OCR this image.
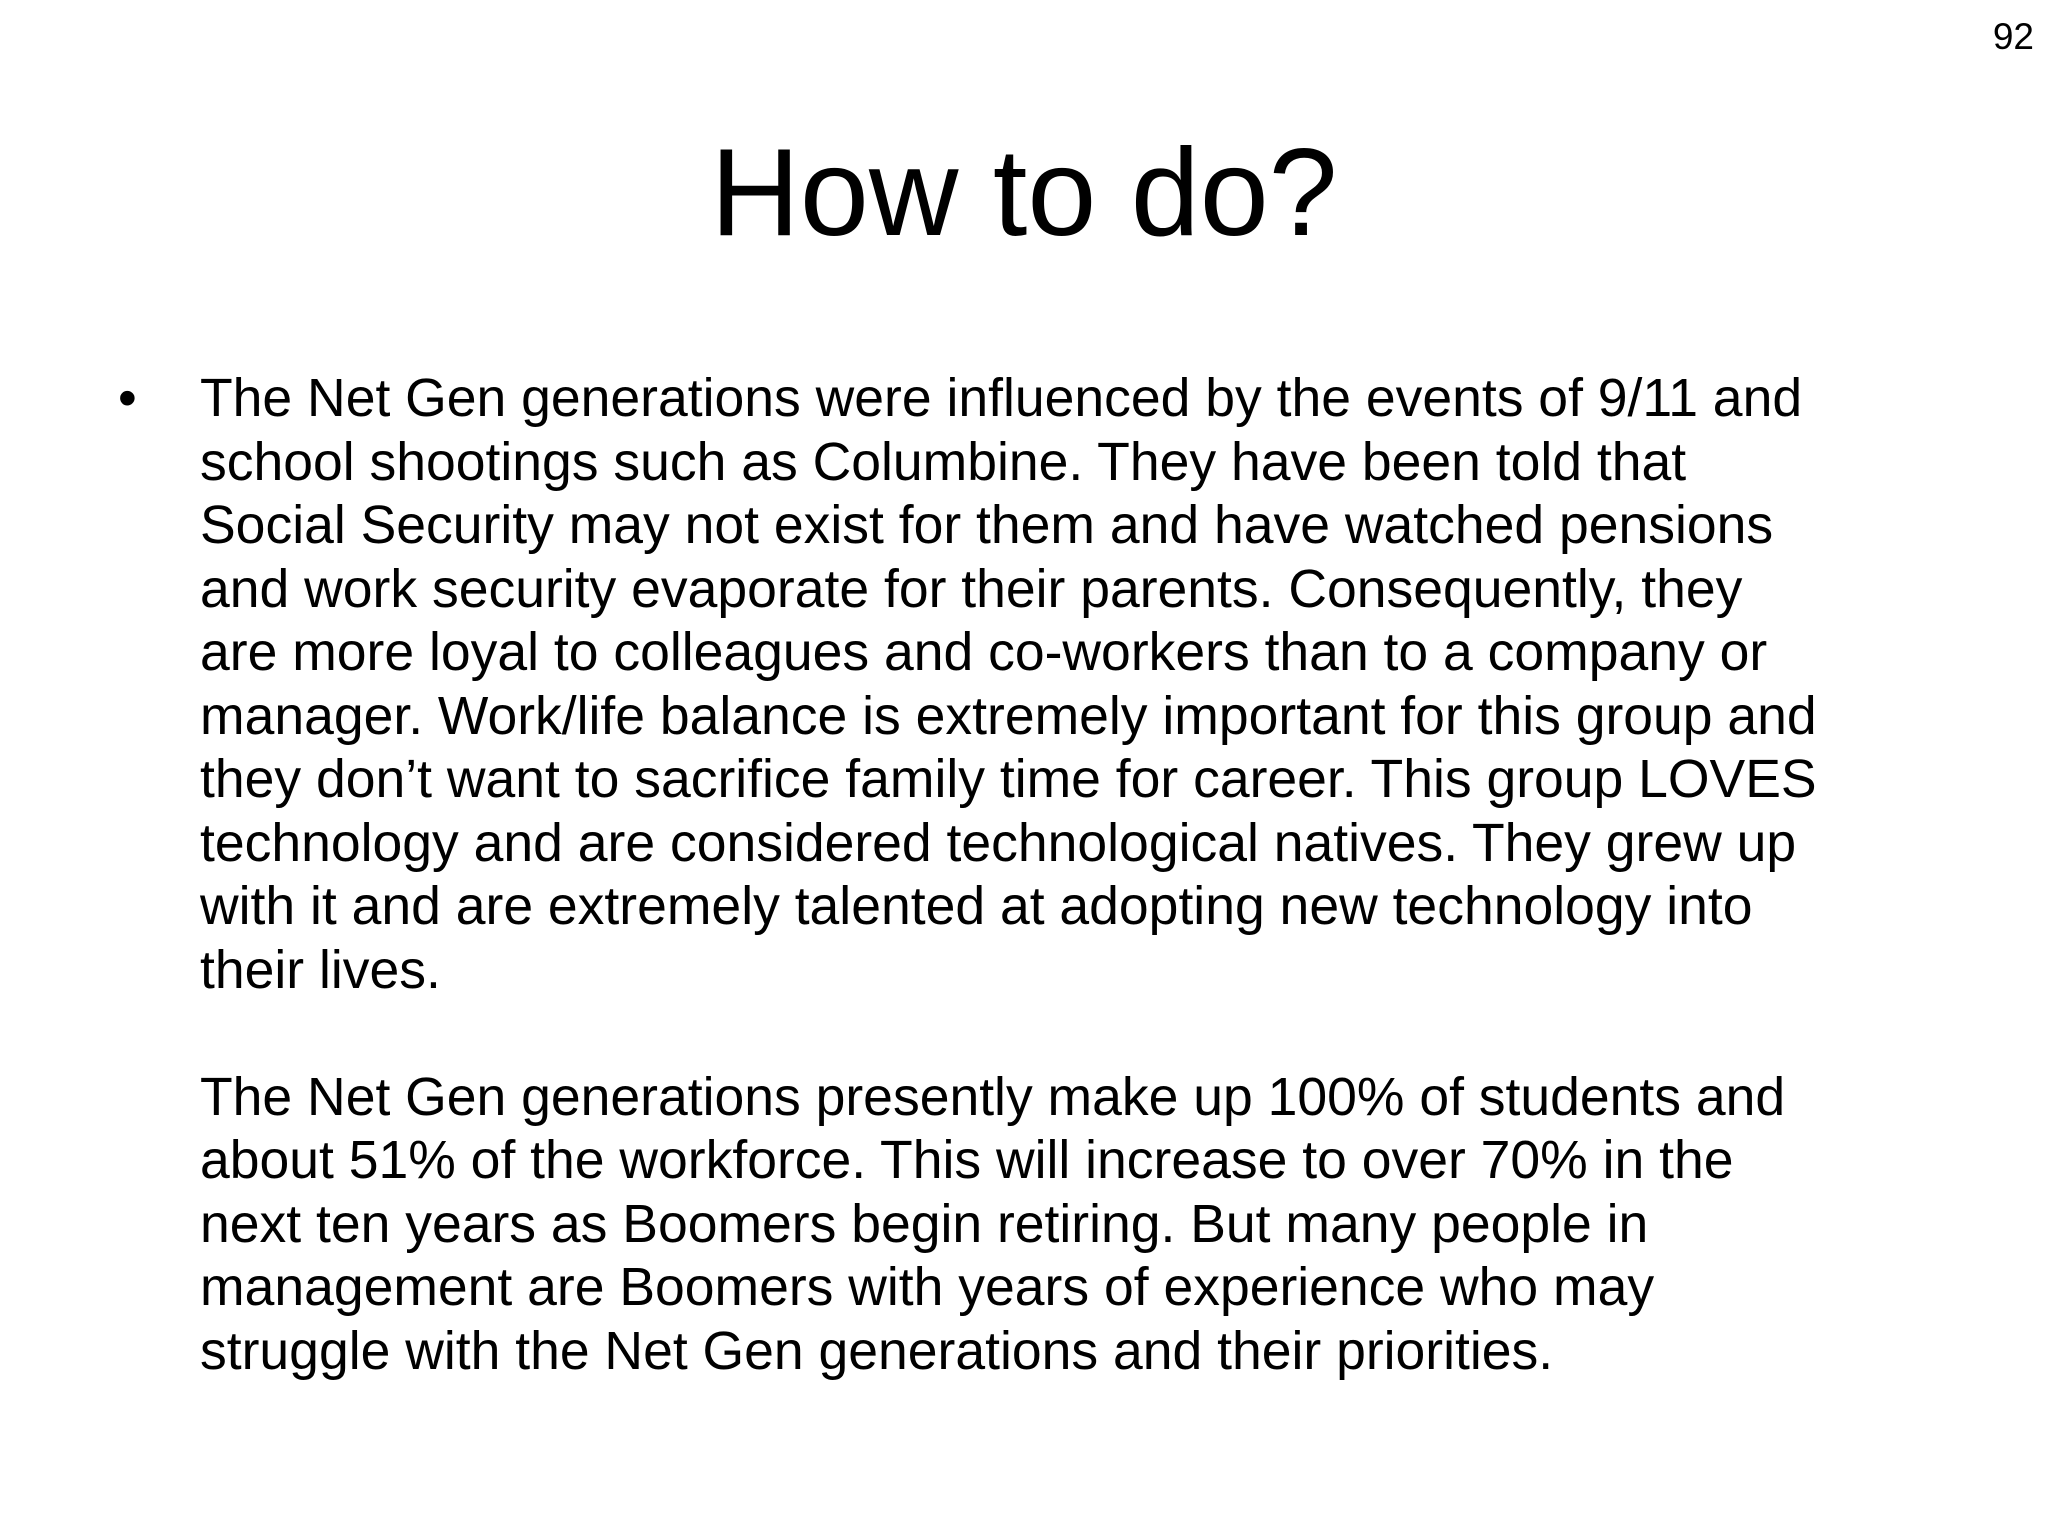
92
How to do?
• The Net Gen generations were influenced by the events of 9/11 and
school shootings such as Columbine. They have been told that
Social Security may not exist for them and have watched pensions
and work security evaporate for their parents. Consequently, they
are more loyal to colleagues and co-workers than to a company or
manager. Work/life balance is extremely important for this group and
they don’t want to sacrifice family time for career. This group LOVES
technology and are considered technological natives. They grew up
with it and are extremely talented at adopting new technology into
their lives.

The Net Gen generations presently make up 100% of students and
about 51% of the workforce. This will increase to over 70% in the
next ten years as Boomers begin retiring. But many people in
management are Boomers with years of experience who may
struggle with the Net Gen generations and their priorities.
